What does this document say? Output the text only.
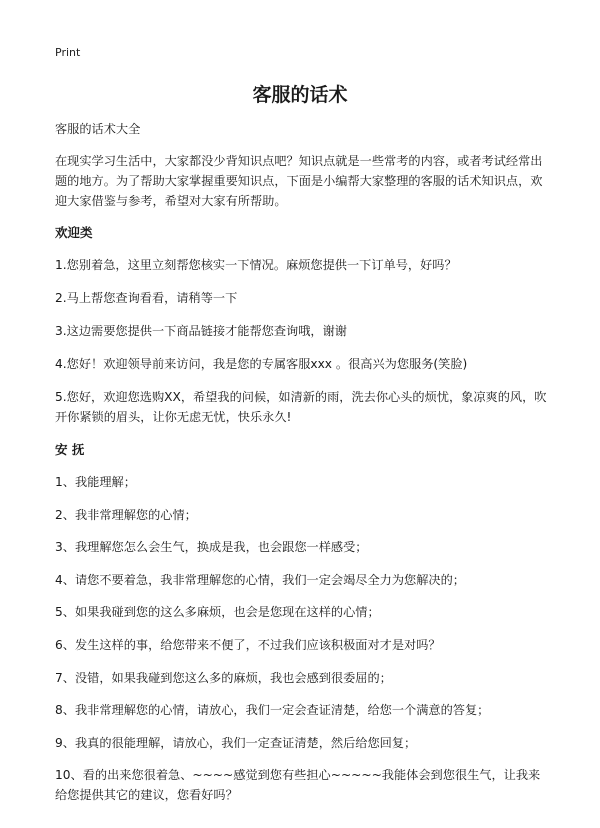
Print
客服的话术

客服的话术大全

在现实学习生活中，大家都没少背知识点吧？知识点就是一些常考的内容，或者考试经常出题的地方。为了帮助大家掌握重要知识点，下面是小编帮大家整理的客服的话术知识点，欢迎大家借鉴与参考，希望对大家有所帮助。

欢迎类

1.您别着急，这里立刻帮您核实一下情况。麻烦您提供一下订单号，好吗？

2.马上帮您查询看看，请稍等一下

3.这边需要您提供一下商品链接才能帮您查询哦，谢谢

4.您好！欢迎领导前来访问，我是您的专属客服xxx 。很高兴为您服务(笑脸)

5.您好，欢迎您选购XX，希望我的问候，如清新的雨，洗去你心头的烦忧，象凉爽的风，吹开你紧锁的眉头，让你无虑无忧，快乐永久!

安 抚

1、我能理解；

2、我非常理解您的心情；

3、我理解您怎么会生气，换成是我，也会跟您一样感受；

4、请您不要着急，我非常理解您的心情，我们一定会竭尽全力为您解决的；

5、如果我碰到您的这么多麻烦，也会是您现在这样的心情；

6、发生这样的事，给您带来不便了，不过我们应该积极面对才是对吗？

7、没错，如果我碰到您这么多的麻烦，我也会感到很委屈的；

8、我非常理解您的心情，请放心，我们一定会查证清楚，给您一个满意的答复；

9、我真的很能理解，请放心，我们一定查证清楚，然后给您回复；

10、看的出来您很着急、~~~~感觉到您有些担心~~~~~我能体会到您很生气，让我来给您提供其它的建议，您看好吗？
